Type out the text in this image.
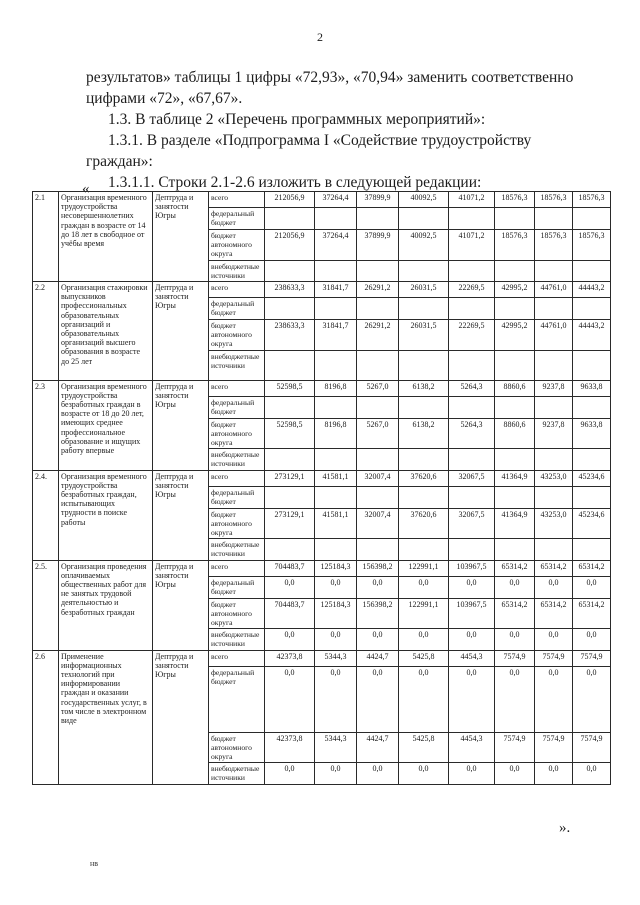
2
результатов» таблицы 1 цифры «72,93», «70,94» заменить соответственно
цифрами «72», «67,67».
1.3. В таблице 2 «Перечень программных мероприятий»:
1.3.1. В разделе «Подпрограмма I «Содействие трудоустройству
граждан»:
1.3.1.1. Строки 2.1-2.6 изложить в следующей редакции:
«
2.1	Организация временного трудоустройства несовершеннолетних граждан в возрасте от 14 до 18 лет в свободное от учёбы время	Дептруда и занятости Югры	всего	212056,9	37264,4	37899,9	40092,5	41071,2	18576,3	18576,3	18576,3
			федеральный бюджет								
			бюджет автономного округа	212056,9	37264,4	37899,9	40092,5	41071,2	18576,3	18576,3	18576,3
			внебюджетные источники								
2.2	Организация стажировки выпускников профессиональных образовательных организаций и образовательных организаций высшего образования в возрасте до 25 лет	Дептруда и занятости Югры	всего	238633,3	31841,7	26291,2	26031,5	22269,5	42995,2	44761,0	44443,2
			федеральный бюджет								
			бюджет автономного округа	238633,3	31841,7	26291,2	26031,5	22269,5	42995,2	44761,0	44443,2
			внебюджетные источники								
2.3	Организация временного трудоустройства безработных граждан в возрасте от 18 до 20 лет, имеющих среднее профессиональное образование и ищущих работу впервые	Дептруда и занятости Югры	всего	52598,5	8196,8	5267,0	6138,2	5264,3	8860,6	9237,8	9633,8
			федеральный бюджет								
			бюджет автономного округа	52598,5	8196,8	5267,0	6138,2	5264,3	8860,6	9237,8	9633,8
			внебюджетные источники								
2.4.	Организация временного трудоустройства безработных граждан, испытывающих трудности в поиске работы	Дептруда и занятости Югры	всего	273129,1	41581,1	32007,4	37620,6	32067,5	41364,9	43253,0	45234,6
			федеральный бюджет								
			бюджет автономного округа	273129,1	41581,1	32007,4	37620,6	32067,5	41364,9	43253,0	45234,6
			внебюджетные источники								
2.5.	Организация проведения оплачиваемых общественных работ для не занятых трудовой деятельностью и безработных граждан	Дептруда и занятости Югры	всего	704483,7	125184,3	156398,2	122991,1	103967,5	65314,2	65314,2	65314,2
			федеральный бюджет	0,0	0,0	0,0	0,0	0,0	0,0	0,0	0,0
			бюджет автономного округа	704483,7	125184,3	156398,2	122991,1	103967,5	65314,2	65314,2	65314,2
			внебюджетные источники	0,0	0,0	0,0	0,0	0,0	0,0	0,0	0,0
2.6	Применение информационных технологий при информировании граждан и оказании государственных услуг, в том числе в электронном виде	Дептруда и занятости Югры	всего	42373,8	5344,3	4424,7	5425,8	4454,3	7574,9	7574,9	7574,9
			федеральный бюджет	0,0	0,0	0,0	0,0	0,0	0,0	0,0	0,0
			бюджет автономного округа	42373,8	5344,3	4424,7	5425,8	4454,3	7574,9	7574,9	7574,9
			внебюджетные источники	0,0	0,0	0,0	0,0	0,0	0,0	0,0	0,0
».
нв
